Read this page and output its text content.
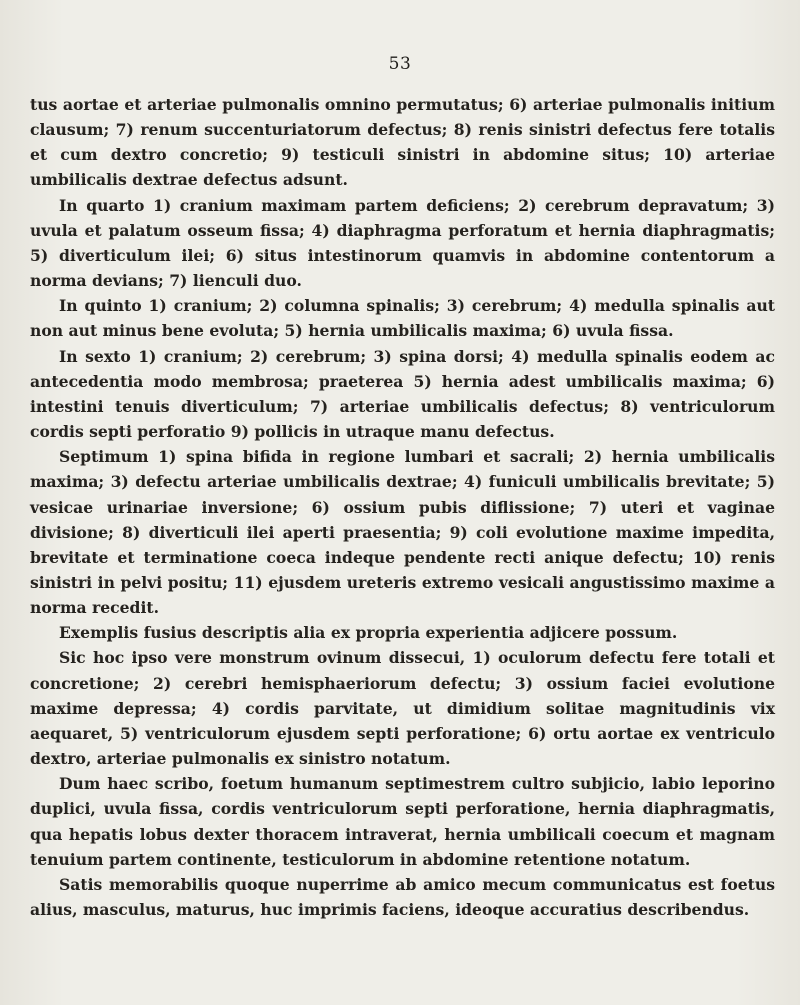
53

tus aortae et arteriae pulmonalis omnino permutatus; 6) arteriae pulmonalis initium clausum; 7) renum succenturiatorum defectus; 8) renis sinistri defectus fere totalis et cum dextro concretio; 9) testiculi sinistri in abdomine situs; 10) arteriae umbilicalis dextrae defectus adsunt.

In quarto 1) cranium maximam partem deficiens; 2) cerebrum depravatum; 3) uvula et palatum osseum fissa; 4) diaphragma perforatum et hernia diaphragmatis; 5) diverticulum ilei; 6) situs intestinorum quamvis in abdomine contentorum a norma devians; 7) lienculi duo.

In quinto 1) cranium; 2) columna spinalis; 3) cerebrum; 4) medulla spinalis aut non aut minus bene evoluta; 5) hernia umbilicalis maxima; 6) uvula fissa.

In sexto 1) cranium; 2) cerebrum; 3) spina dorsi; 4) medulla spinalis eodem ac antecedentia modo membrosa; praeterea 5) hernia adest umbilicalis maxima; 6) intestini tenuis diverticulum; 7) arteriae umbilicalis defectus; 8) ventriculorum cordis septi perforatio 9) pollicis in utraque manu defectus.

Septimum 1) spina bifida in regione lumbari et sacrali; 2) hernia umbilicalis maxima; 3) defectu arteriae umbilicalis dextrae; 4) funiculi umbilicalis brevitate; 5) vesicae urinariae inversione; 6) ossium pubis diflissione; 7) uteri et vaginae divisione; 8) diverticuli ilei aperti praesentia; 9) coli evolutione maxime impedita, brevitate et terminatione coeca indeque pendente recti anique defectu; 10) renis sinistri in pelvi positu; 11) ejusdem ureteris extremo vesicali angustissimo maxime a norma recedit.

Exemplis fusius descriptis alia ex propria experientia adjicere possum.

Sic hoc ipso vere monstrum ovinum dissecui, 1) oculorum defectu fere totali et concretione; 2) cerebri hemisphaeriorum defectu; 3) ossium faciei evolutione maxime depressa; 4) cordis parvitate, ut dimidium solitae magnitudinis vix aequaret, 5) ventriculorum ejusdem septi perforatione; 6) ortu aortae ex ventriculo dextro, arteriae pulmonalis ex sinistro notatum.

Dum haec scribo, foetum humanum septimestrem cultro subjicio, labio leporino duplici, uvula fissa, cordis ventriculorum septi perforatione, hernia diaphragmatis, qua hepatis lobus dexter thoracem intraverat, hernia umbilicali coecum et magnam tenuium partem continente, testiculorum in abdomine retentione notatum.

Satis memorabilis quoque nuperrime ab amico mecum communicatus est foetus alius, masculus, maturus, huc imprimis faciens, ideoque accuratius describendus.
